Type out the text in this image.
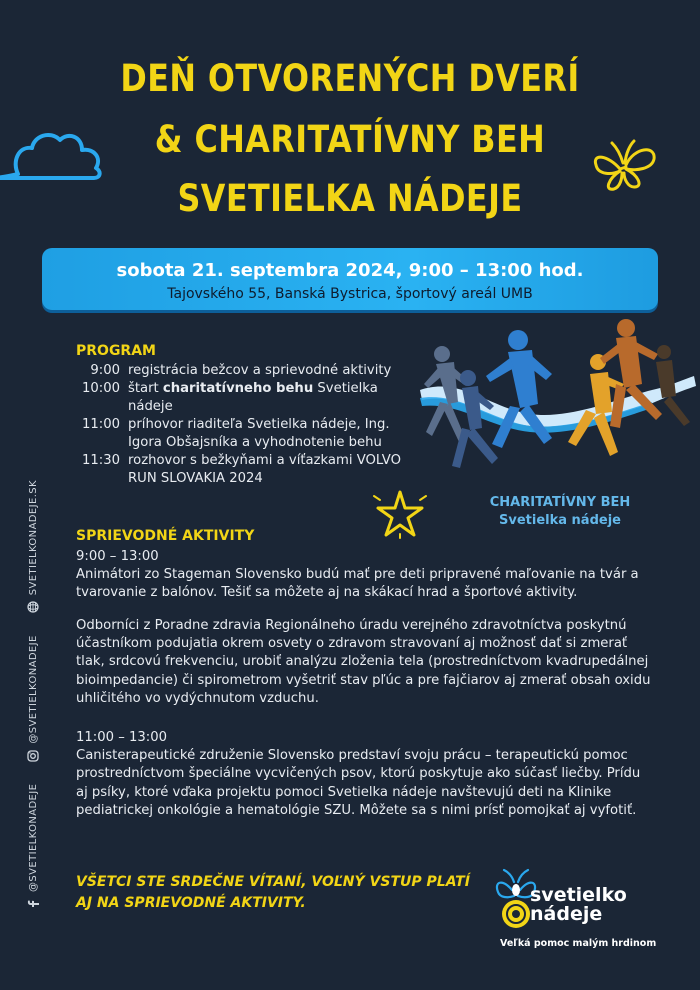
DEŇ OTVORENÝCH DVERÍ
& CHARITATÍVNY BEH
SVETIELKA NÁDEJE
sobota 21. septembra 2024, 9:00 – 13:00 hod.
Tajovského 55, Banská Bystrica, športový areál UMB
PROGRAM
9:00 registrácia bežcov a sprievodné aktivity
10:00 štart charitatívneho behu Svetielka nádeje
11:00 príhovor riaditeľa Svetielka nádeje, Ing. Igora Obšajsníka a vyhodnotenie behu
11:30 rozhovor s bežkyňami a víťazkami VOLVO RUN SLOVAKIA 2024
CHARITATÍVNY BEH
Svetielka nádeje
SPRIEVODNÉ AKTIVITY
9:00 – 13:00
Animátori zo Stageman Slovensko budú mať pre deti pripravené maľovanie na tvár a tvarovanie z balónov. Tešiť sa môžete aj na skákací hrad a športové aktivity.
Odborníci z Poradne zdravia Regionálneho úradu verejného zdravotníctva poskytnú účastníkom podujatia okrem osvety o zdravom stravovaní aj možnosť dať si zmerať tlak, srdcovú frekvenciu, urobiť analýzu zloženia tela (prostredníctvom kvadrupedálnej bioimpedancie) či spirometrom vyšetriť stav pľúc a pre fajčiarov aj zmerať obsah oxidu uhličitého vo vydýchnutom vzduchu.
11:00 – 13:00
Canisterapeutické združenie Slovensko predstaví svoju prácu – terapeutickú pomoc prostredníctvom špeciálne vycvičených psov, ktorú poskytuje ako súčasť liečby. Prídu aj psíky, ktoré vďaka projektu pomoci Svetielka nádeje navštevujú deti na Klinike pediatrickej onkológie a hematológie SZU. Môžete sa s nimi prísť pomojkať aj vyfotiť.
VŠETCI STE SRDEČNE VÍTANÍ, VOĽNÝ VSTUP PLATÍ AJ NA SPRIEVODNÉ AKTIVITY.
@SVETIELKONADEJE
@SVETIELKONADEJE
SVETIELKONADEJE.SK
svetielko
nádeje
Veľká pomoc malým hrdinom
